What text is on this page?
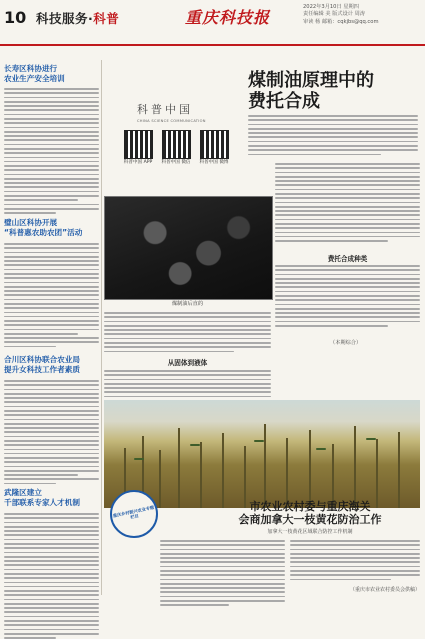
10 科技服务·科普	重庆科技报
2022年3月10日 星期四
责任编辑 美 版式设计 周涛
审读 杨 邮箱：cqkjbs@qq.com
长寿区科协进行
农业生产安全培训
璧山区科协开展
“科普惠农助农团”活动
合川区科协联合农业局
提升女科技工作者素质
武隆区建立
千部联系专家人才机制
科普中国
CHINA SCIENCE COMMUNICATION
科普中国 APP	科普中国 微信	科普中国 微博
煤制油原理中的
费托合成
煤制油后直的
从固体到液体
费托合成种类
（本期综合）
重庆乡村振兴农业专题栏目
市农业农村委与重庆海关
会商加拿大一枝黄花防治工作
加拿大一枝黄花区域联合防控工作机制
（重庆市农业农村委员会供稿）
